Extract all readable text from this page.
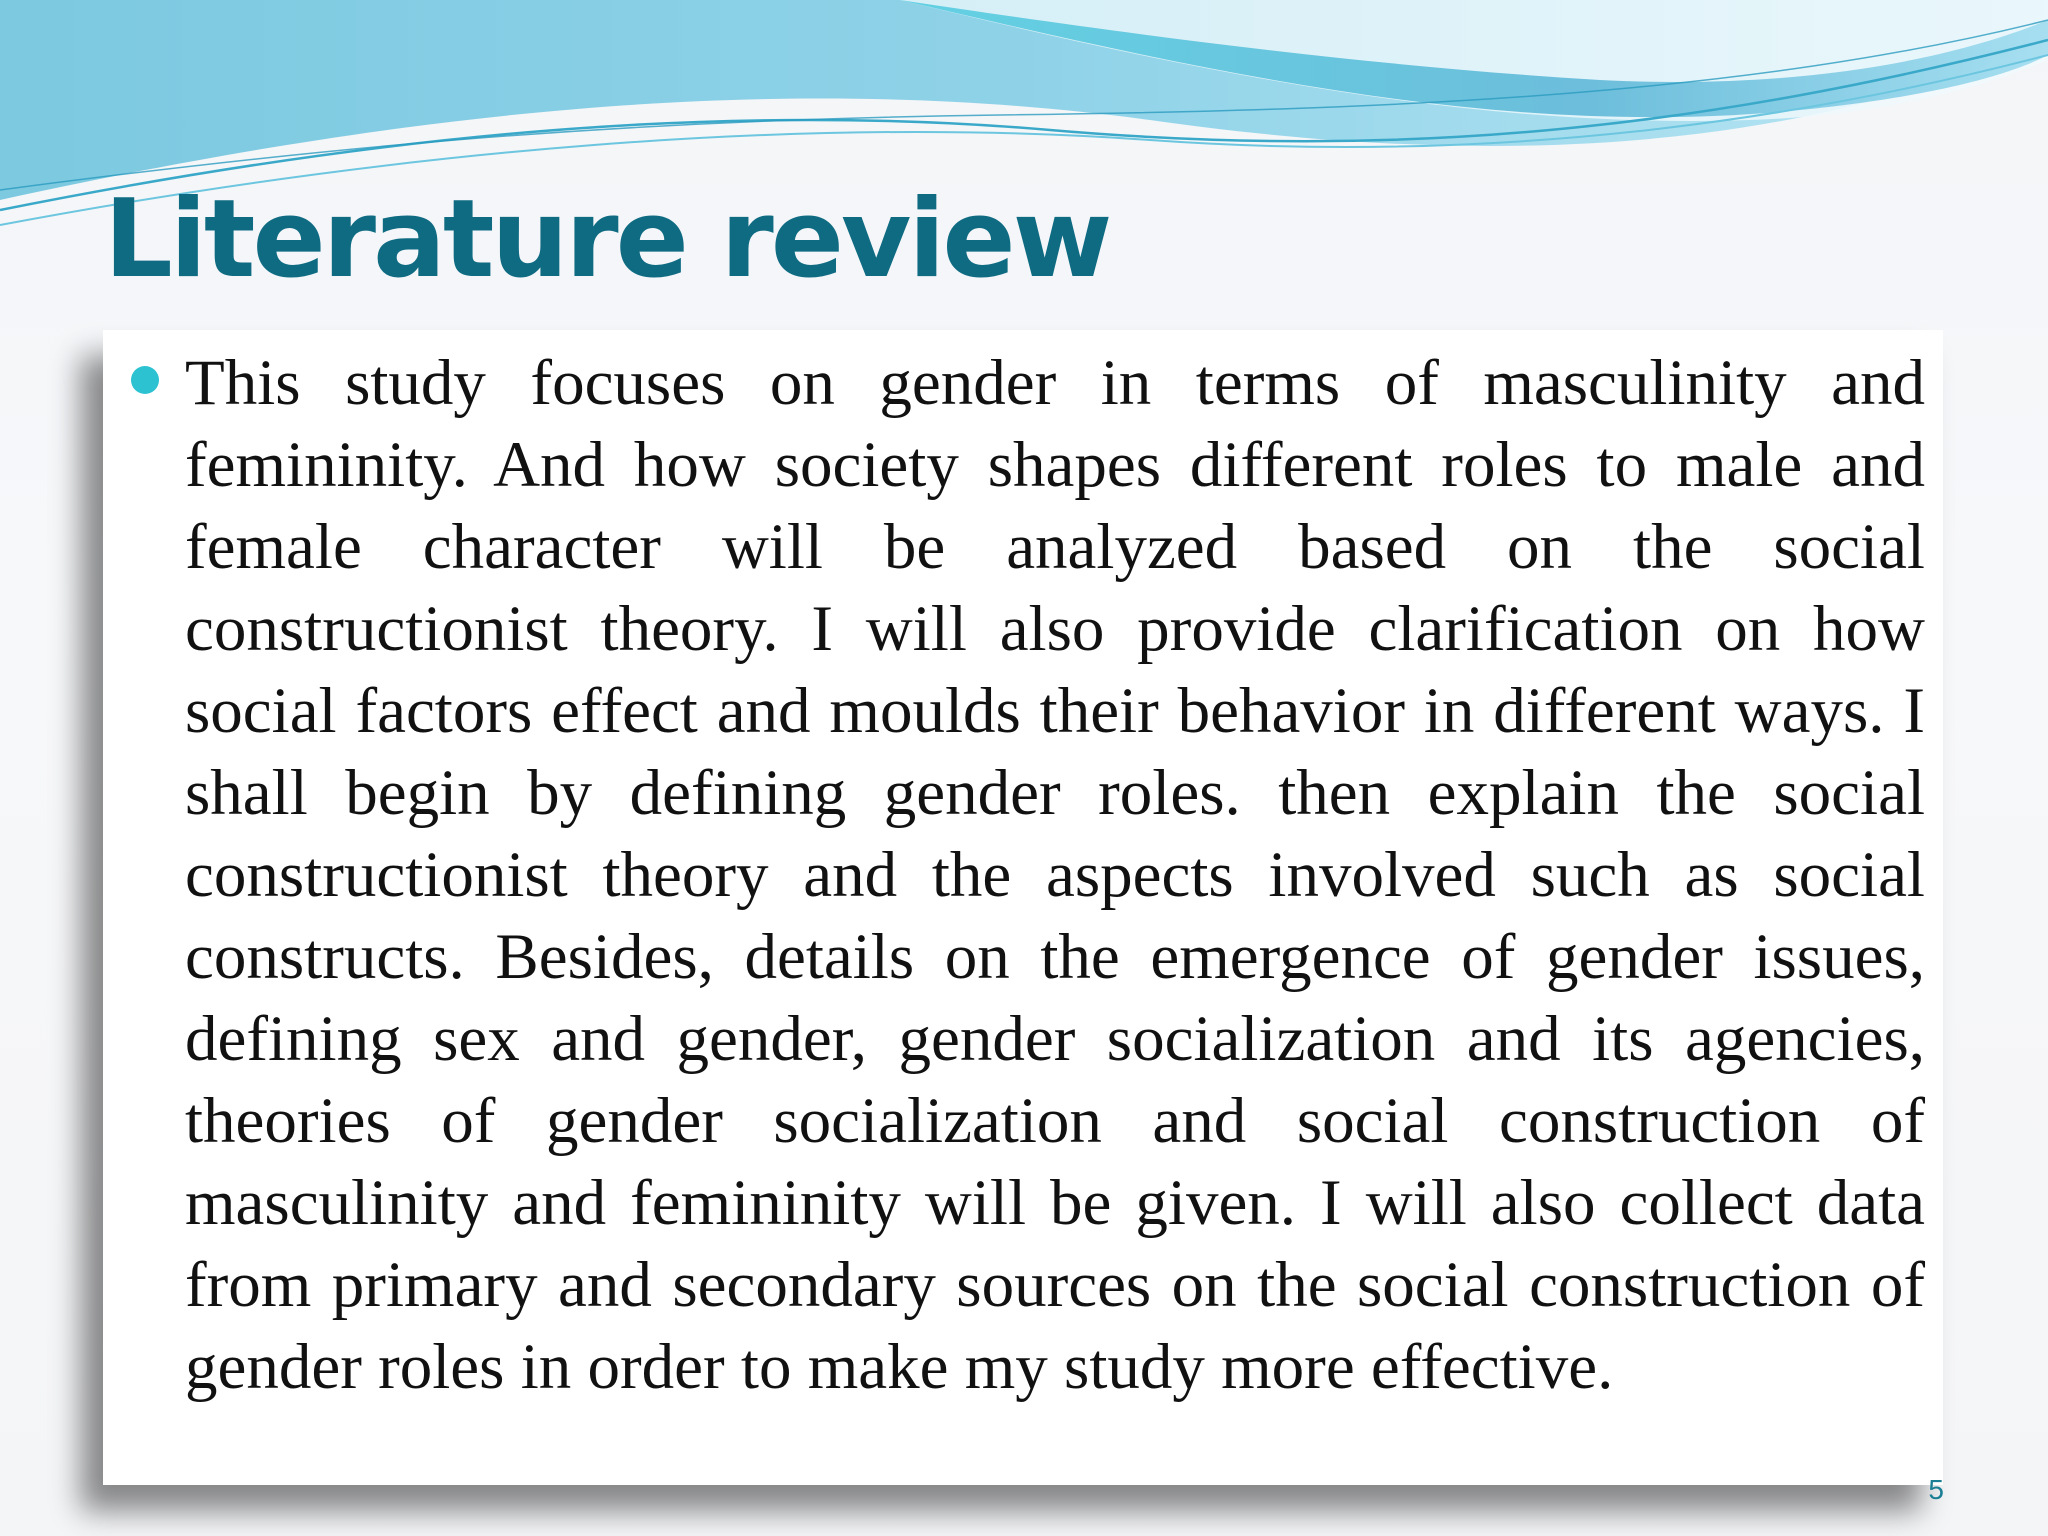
Literature review

This study focuses on gender in terms of masculinity and femininity. And how society shapes different roles to male and female character will be analyzed based on the social constructionist theory. I will also provide clarification on how social factors effect and moulds their behavior in different ways. I shall begin by defining gender roles. then explain the social constructionist theory and the aspects involved such as social constructs. Besides, details on the emergence of gender issues, defining sex and gender, gender socialization and its agencies, theories of gender socialization and social construction of masculinity and femininity will be given. I will also collect data from primary and secondary sources on the social construction of gender roles in order to make my study more effective.

5
